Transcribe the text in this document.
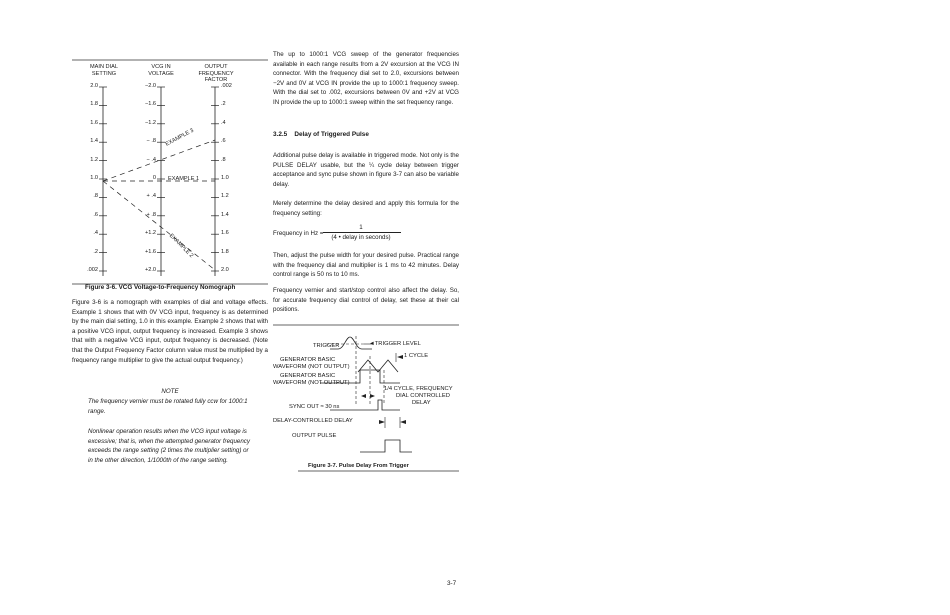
MAIN DIAL
SETTING
VCG IN
VOLTAGE
OUTPUT
FREQUENCY
FACTOR
2.0
1.8
1.6
1.4
1.2
1.0
.8
.6
.4
.2
.002
−2.0
−1.6
−1.2
− .8
− .4
0
+ .4
+ .8
+1.2
+1.6
+2.0
.002
.2
.4
.6
.8
1.0
1.2
1.4
1.6
1.8
2.0
EXAMPLE 1
EXAMPLE 3
EXAMPLE 2
Figure 3-6. VCG Voltage-to-Frequency Nomograph
Figure 3-6 is a nomograph with examples of dial and voltage effects. Example 1 shows that with 0V VCG input, frequency is as determined by the main dial setting, 1.0 in this example. Example 2 shows that with a positive VCG input, output frequency is increased. Example 3 shows that with a negative VCG input, output frequency is decreased. (Note that the Output Frequency Factor column value must be multiplied by a frequency range multiplier to give the actual output frequency.)
NOTE
The frequency vernier must be rotated fully ccw for 1000:1 range.
Nonlinear operation results when the VCG input voltage is excessive; that is, when the attempted generator frequency exceeds the range setting (2 times the multiplier setting) or in the other direction, 1/1000th of the range setting.
The up to 1000:1 VCG sweep of the generator frequencies available in each range results from a 2V excursion at the VCG IN connector. With the frequency dial set to 2.0, excursions between −2V and 0V at VCG IN provide the up to 1000:1 frequency sweep. With the dial set to .002, excursions between 0V and +2V at VCG IN provide the up to 1000:1 sweep within the set frequency range.
3.2.5 Delay of Triggered Pulse
Additional pulse delay is available in triggered mode. Not only is the PULSE DELAY usable, but the ¼ cycle delay between trigger acceptance and sync pulse shown in figure 3-7 can also be variable delay.
Merely determine the delay desired and apply this formula for the frequency setting:
Frequency in Hz =
1
(4 • delay in seconds)
Then, adjust the pulse width for your desired pulse. Practical range with the frequency dial and multiplier is 1 ms to 42 minutes. Delay control range is 50 ns to 10 ms.
Frequency vernier and start/stop control also affect the delay. So, for accurate frequency dial control of delay, set these at their cal positions.
TRIGGER	◄TRIGGER LEVEL
1 CYCLE
GENERATOR BASIC
WAVEFORM (NOT OUTPUT)
GENERATOR BASIC
WAVEFORM (NOT OUTPUT)
1/4 CYCLE, FREQUENCY
DIAL CONTROLLED
DELAY
SYNC OUT ≈ 30 ns
DELAY-CONTROLLED DELAY
OUTPUT PULSE
Figure 3-7. Pulse Delay From Trigger
3-7
